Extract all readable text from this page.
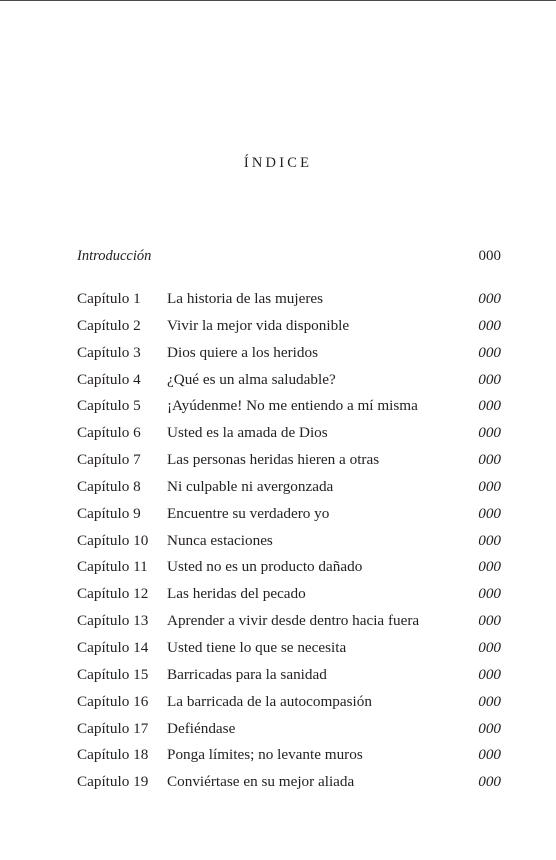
ÍNDICE
Introducción	000
Capítulo 1 La historia de las mujeres	000
Capítulo 2 Vivir la mejor vida disponible	000
Capítulo 3 Dios quiere a los heridos	000
Capítulo 4 ¿Qué es un alma saludable?	000
Capítulo 5 ¡Ayúdenme! No me entiendo a mí misma	000
Capítulo 6 Usted es la amada de Dios	000
Capítulo 7 Las personas heridas hieren a otras	000
Capítulo 8 Ni culpable ni avergonzada	000
Capítulo 9 Encuentre su verdadero yo	000
Capítulo 10 Nunca estaciones	000
Capítulo 11 Usted no es un producto dañado	000
Capítulo 12 Las heridas del pecado	000
Capítulo 13 Aprender a vivir desde dentro hacia fuera	000
Capítulo 14 Usted tiene lo que se necesita	000
Capítulo 15 Barricadas para la sanidad	000
Capítulo 16 La barricada de la autocompasión	000
Capítulo 17 Defiéndase	000
Capítulo 18 Ponga límites; no levante muros	000
Capítulo 19 Conviértase en su mejor aliada	000
